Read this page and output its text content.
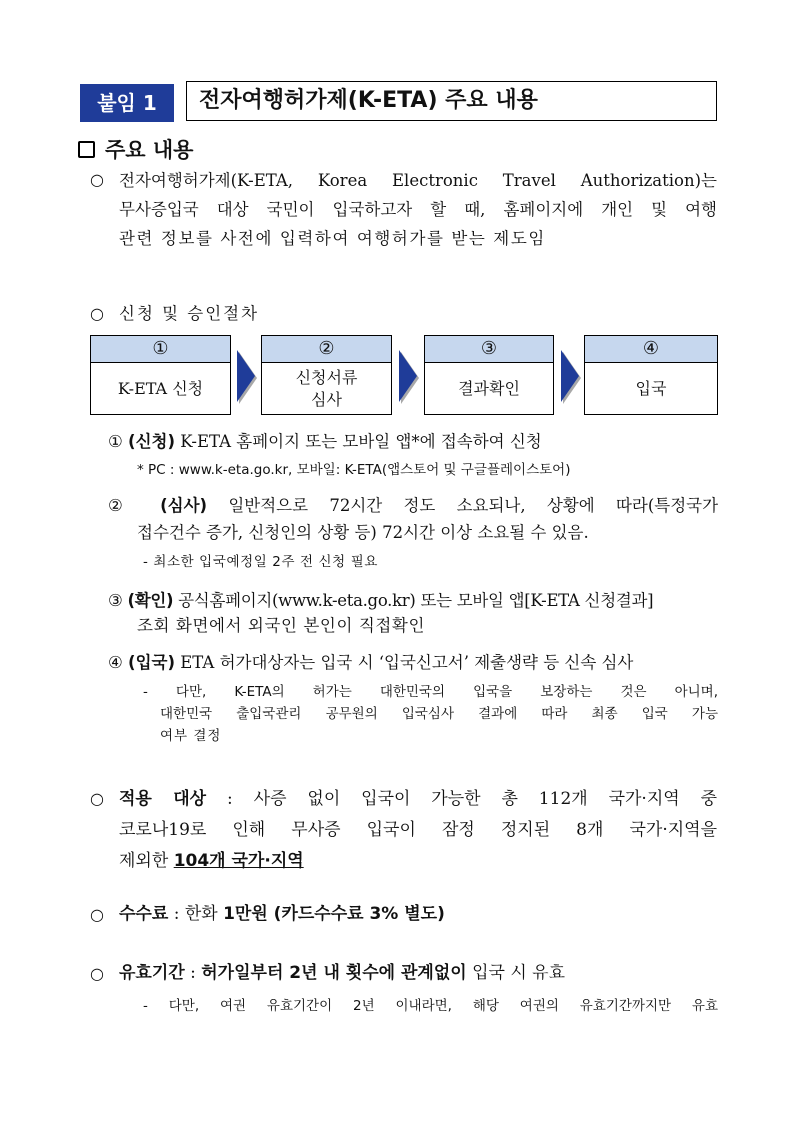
붙임 1	전자여행허가제(K-ETA) 주요 내용
주요 내용
○ 전자여행허가제(K-ETA, Korea Electronic Travel Authorization)는
무사증입국 대상 국민이 입국하고자 할 때, 홈페이지에 개인 및 여행
관련 정보를 사전에 입력하여 여행허가를 받는 제도임
○ 신청 및 승인절차
①
K-ETA 신청
②
신청서류
심사
③
결과확인
④
입국
① (신청) K-ETA 홈페이지 또는 모바일 앱*에 접속하여 신청
* PC : www.k-eta.go.kr, 모바일: K-ETA(앱스토어 및 구글플레이스토어)
② (심사) 일반적으로 72시간 정도 소요되나, 상황에 따라(특정국가
접수건수 증가, 신청인의 상황 등) 72시간 이상 소요될 수 있음.
- 최소한 입국예정일 2주 전 신청 필요
③ (확인) 공식홈페이지(www.k-eta.go.kr) 또는 모바일 앱[K-ETA 신청결과]
조회 화면에서 외국인 본인이 직접확인
④ (입국) ETA 허가대상자는 입국 시 ‘입국신고서’ 제출생략 등 신속 심사
- 다만, K-ETA의 허가는 대한민국의 입국을 보장하는 것은 아니며,
대한민국 출입국관리 공무원의 입국심사 결과에 따라 최종 입국 가능
여부 결정
○ 적용 대상 : 사증 없이 입국이 가능한 총 112개 국가·지역 중
코로나19로 인해 무사증 입국이 잠정 정지된 8개 국가·지역을
제외한 104개 국가·지역
○ 수수료 : 한화 1만원 (카드수수료 3% 별도)
○ 유효기간 : 허가일부터 2년 내 횟수에 관계없이 입국 시 유효
- 다만, 여권 유효기간이 2년 이내라면, 해당 여권의 유효기간까지만 유효
